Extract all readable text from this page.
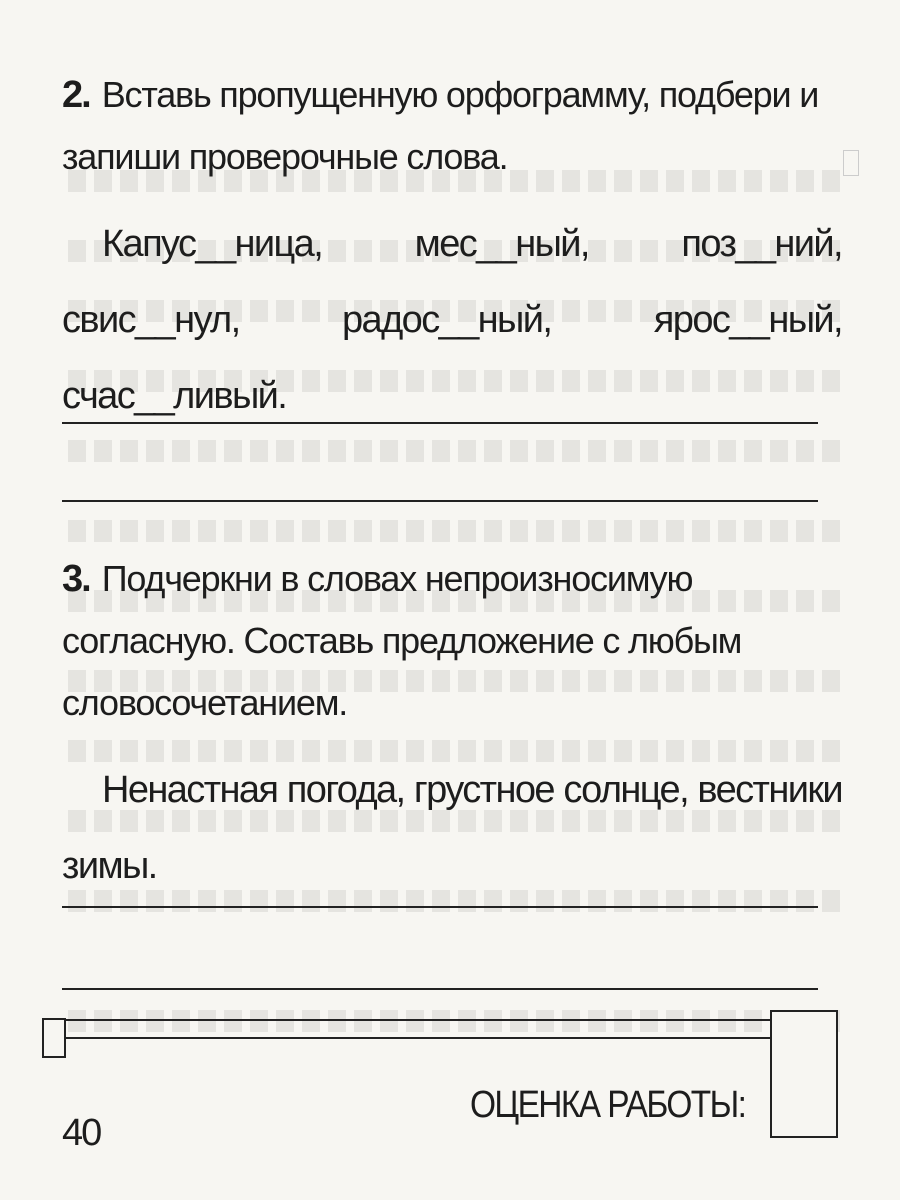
2. Вставь пропущенную орфограмму, подбери и запиши проверочные слова.
Капус__ница, мес__ный, поз__ний, свис__нул, радос__ный, ярос__ный, счас__ливый.
3. Подчеркни в словах непроизносимую согласную. Составь предложение с любым словосочетанием.
Ненастная погода, грустное солнце, вестники зимы.
ОЦЕНКА РАБОТЫ:
40
